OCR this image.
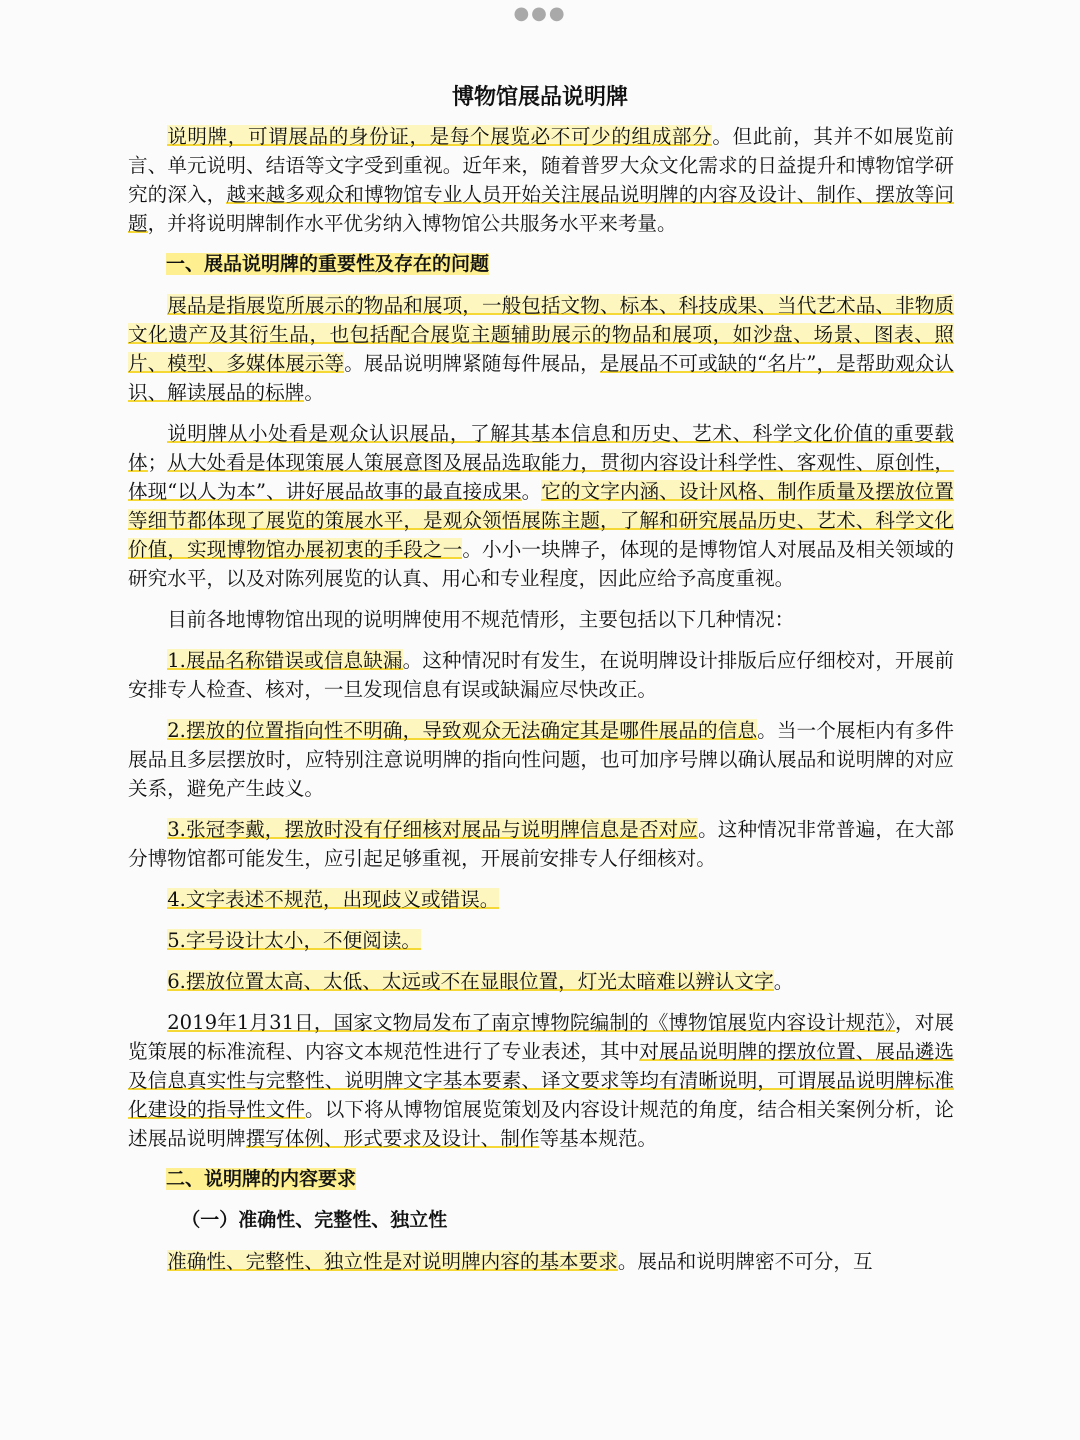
●●●
博物馆展品说明牌

说明牌，可谓展品的身份证，是每个展览必不可少的组成部分。但此前，其并不如展览前言、单元说明、结语等文字受到重视。近年来，随着普罗大众文化需求的日益提升和博物馆学研究的深入，越来越多观众和博物馆专业人员开始关注展品说明牌的内容及设计、制作、摆放等问题，并将说明牌制作水平优劣纳入博物馆公共服务水平来考量。

一、展品说明牌的重要性及存在的问题

展品是指展览所展示的物品和展项，一般包括文物、标本、科技成果、当代艺术品、非物质文化遗产及其衍生品，也包括配合展览主题辅助展示的物品和展项，如沙盘、场景、图表、照片、模型、多媒体展示等。展品说明牌紧随每件展品，是展品不可或缺的“名片”，是帮助观众认识、解读展品的标牌。

说明牌从小处看是观众认识展品，了解其基本信息和历史、艺术、科学文化价值的重要载体；从大处看是体现策展人策展意图及展品选取能力，贯彻内容设计科学性、客观性、原创性，体现“以人为本”、讲好展品故事的最直接成果。它的文字内涵、设计风格、制作质量及摆放位置等细节都体现了展览的策展水平，是观众领悟展陈主题，了解和研究展品历史、艺术、科学文化价值，实现博物馆办展初衷的手段之一。小小一块牌子，体现的是博物馆人对展品及相关领域的研究水平，以及对陈列展览的认真、用心和专业程度，因此应给予高度重视。

目前各地博物馆出现的说明牌使用不规范情形，主要包括以下几种情况：

1.展品名称错误或信息缺漏。这种情况时有发生，在说明牌设计排版后应仔细校对，开展前安排专人检查、核对，一旦发现信息有误或缺漏应尽快改正。

2.摆放的位置指向性不明确，导致观众无法确定其是哪件展品的信息。当一个展柜内有多件展品且多层摆放时，应特别注意说明牌的指向性问题，也可加序号牌以确认展品和说明牌的对应关系，避免产生歧义。

3.张冠李戴，摆放时没有仔细核对展品与说明牌信息是否对应。这种情况非常普遍，在大部分博物馆都可能发生，应引起足够重视，开展前安排专人仔细核对。

4.文字表述不规范，出现歧义或错误。

5.字号设计太小，不便阅读。

6.摆放位置太高、太低、太远或不在显眼位置，灯光太暗难以辨认文字。

2019年1月31日，国家文物局发布了南京博物院编制的《博物馆展览内容设计规范》，对展览策展的标准流程、内容文本规范性进行了专业表述，其中对展品说明牌的摆放位置、展品遴选及信息真实性与完整性、说明牌文字基本要素、译文要求等均有清晰说明，可谓展品说明牌标准化建设的指导性文件。以下将从博物馆展览策划及内容设计规范的角度，结合相关案例分析，论述展品说明牌撰写体例、形式要求及设计、制作等基本规范。

二、说明牌的内容要求

（一）准确性、完整性、独立性

准确性、完整性、独立性是对说明牌内容的基本要求。展品和说明牌密不可分，互
